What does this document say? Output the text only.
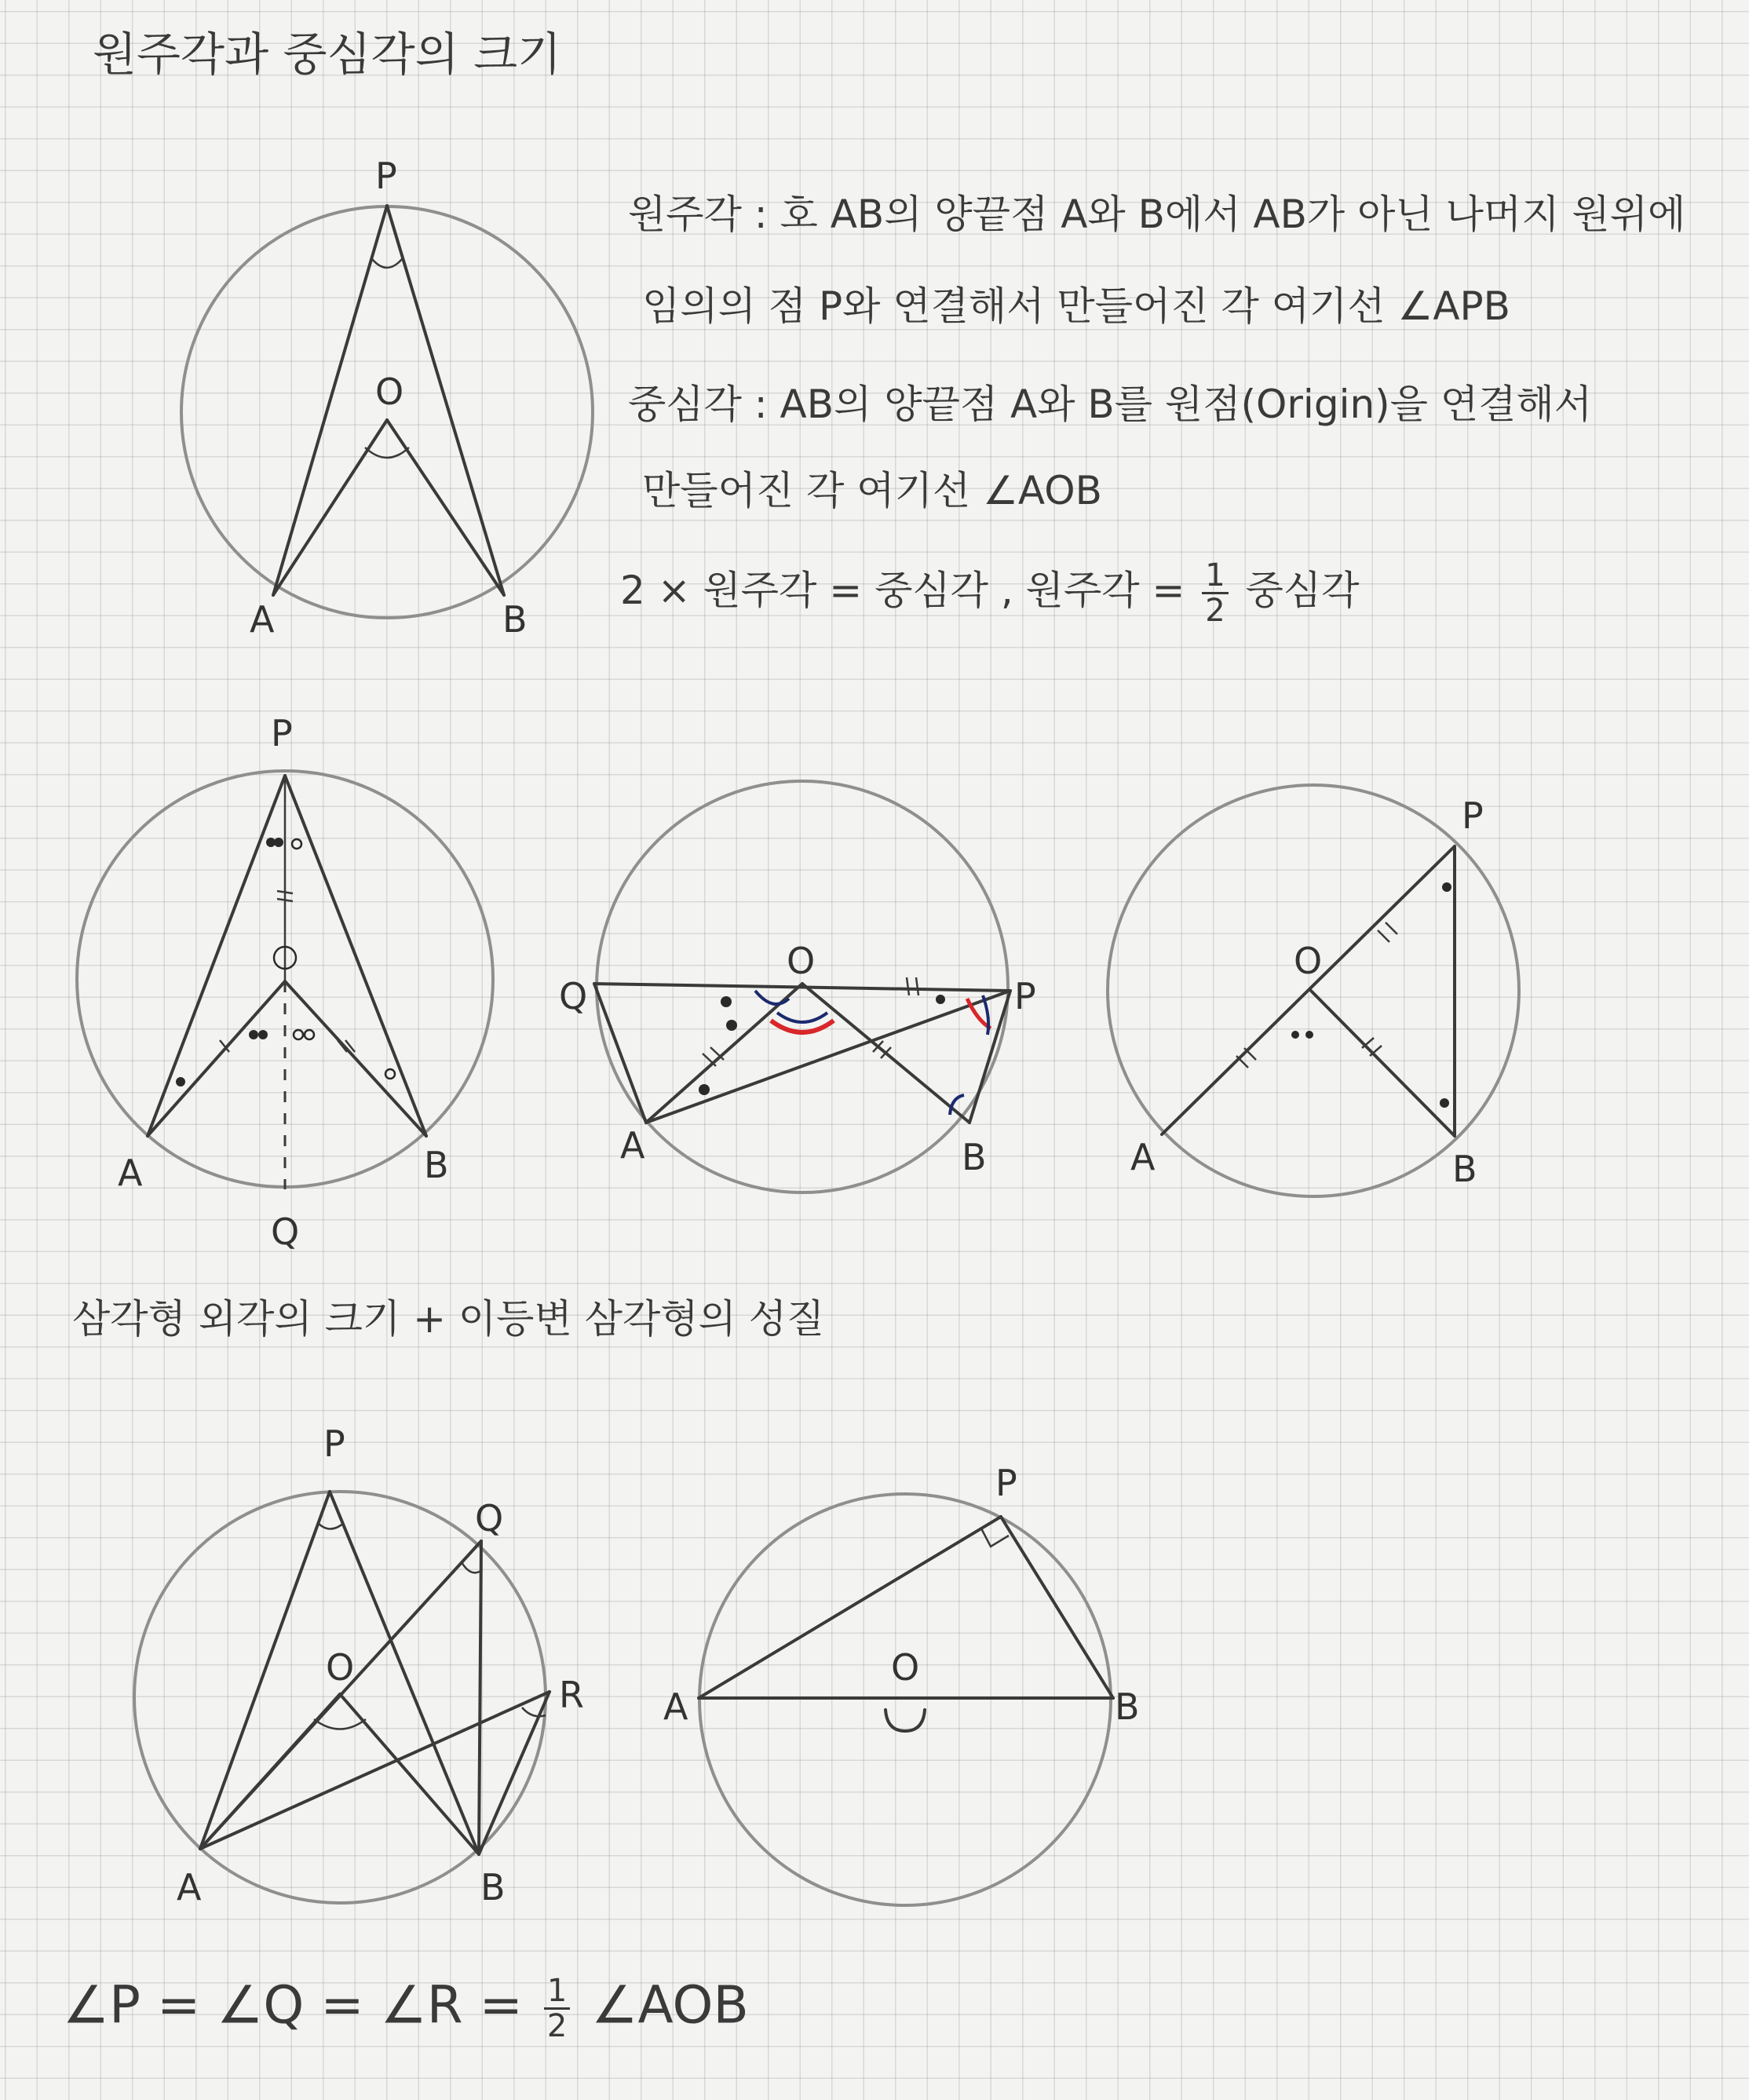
원주각과 중심각의 크기
P
O
A	B
원주각 : 호 AB의 양끝점 A와 B에서 AB가 아닌 나머지 원위에
임의의 점 P와 연결해서 만들어진 각 여기선 ∠APB
중심각 : AB의 양끝점 A와 B를 원점(Origin)을 연결해서
만들어진 각 여기선 ∠AOB
2 × 원주각 = 중심각 , 원주각 = $\frac{1}{2}$ 중심각
P
A	B
Q
O
Q	P
A	B
O
P
A	B
삼각형 외각의 크기 + 이등변 삼각형의 성질
P
Q
R
O
A	B
O
A	B
P
∠P = ∠Q = ∠R = $\frac{1}{2}$ ∠AOB
